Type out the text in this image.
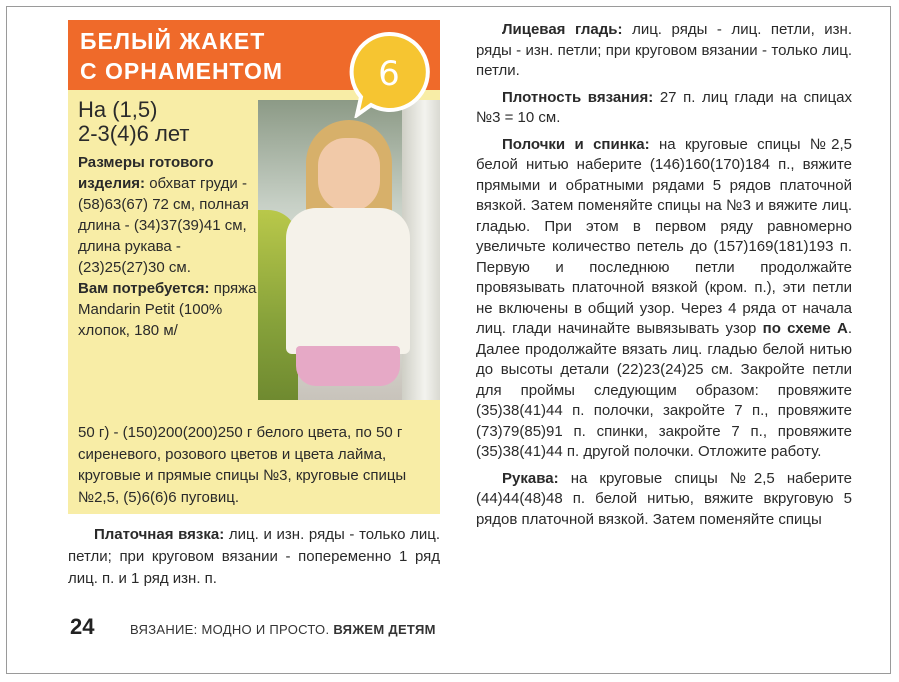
БЕЛЫЙ ЖАКЕТ
С ОРНАМЕНТОМ
На (1,5)
2-3(4)6 лет
Размеры готового изделия: обхват груди - (58)63(67) 72 см, полная длина - (34)37(39)41 см, длина рукава - (23)25(27)30 см.
Вам потребуется: пряжа Mandarin Petit (100% хлопок, 180 м/
50 г) - (150)200(200)250 г белого цвета, по 50 г сиреневого, розового цветов и цвета лайма, круговые и прямые спицы №3, круговые спицы №2,5, (5)6(6)6 пуговиц.
6

Платочная вязка: лиц. и изн. ряды - только лиц. петли; при круговом вязании - попеременно 1 ряд лиц. п. и 1 ряд изн. п.

Лицевая гладь: лиц. ряды - лиц. петли, изн. ряды - изн. петли; при круговом вязании - только лиц. петли.

Плотность вязания: 27 п. лиц глади на спицах №3 = 10 см.

Полочки и спинка: на круговые спицы №2,5 белой нитью наберите (146)160(170)184 п., вяжите прямыми и обратными рядами 5 рядов платочной вязкой. Затем поменяйте спицы на №3 и вяжите лиц. гладью. При этом в первом ряду равномерно увеличьте количество петель до (157)169(181)193 п. Первую и последнюю петли продолжайте провязывать платочной вязкой (кром. п.), эти петли не включены в общий узор. Через 4 ряда от начала лиц. глади начинайте вывязывать узор по схеме А. Далее продолжайте вязать лиц. гладью белой нитью до высоты детали (22)23(24)25 см. Закройте петли для проймы следующим образом: провяжите (35)38(41)44 п. полочки, закройте 7 п., провяжите (73)79(85)91 п. спинки, закройте 7 п., провяжите (35)38(41)44 п. другой полочки. Отложите работу.

Рукава: на круговые спицы №2,5 наберите (44)44(48)48 п. белой нитью, вяжите вкруговую 5 рядов платочной вязкой. Затем поменяйте спицы

24	ВЯЗАНИЕ: МОДНО И ПРОСТО. ВЯЖЕМ ДЕТЯМ
